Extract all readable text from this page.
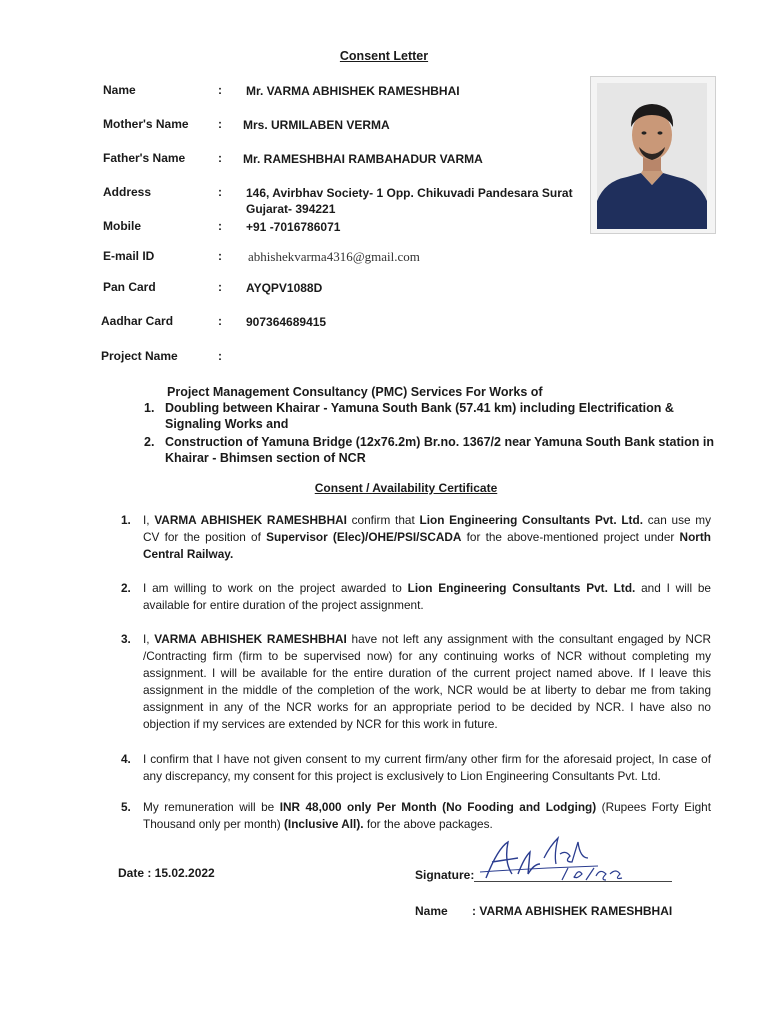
Consent Letter
Name	: Mr. VARMA ABHISHEK RAMESHBHAI
Mother's Name : Mrs. URMILABEN VERMA
Father's Name	: Mr. RAMESHBHAI RAMBAHADUR VARMA
Address	: 146, Avirbhav Society- 1 Opp. Chikuvadi Pandesara Surat
Gujarat- 394221
Mobile	: +91 -7016786071
E-mail ID	: abhishekvarma4316@gmail.com
Pan Card	: AYQPV1088D
Aadhar Card	: 907364689415
Project Name	:
Project Management Consultancy (PMC) Services For Works of
1. Doubling between Khairar - Yamuna South Bank (57.41 km) including Electrification & Signaling Works and
2. Construction of Yamuna Bridge (12x76.2m) Br.no. 1367/2 near Yamuna South Bank station in Khairar - Bhimsen section of NCR
Consent / Availability Certificate
1. I, VARMA ABHISHEK RAMESHBHAI confirm that Lion Engineering Consultants Pvt. Ltd. can use my CV for the position of Supervisor (Elec)/OHE/PSI/SCADA for the above-mentioned project under North Central Railway.
2. I am willing to work on the project awarded to Lion Engineering Consultants Pvt. Ltd. and I will be available for entire duration of the project assignment.
3. I, VARMA ABHISHEK RAMESHBHAI have not left any assignment with the consultant engaged by NCR /Contracting firm (firm to be supervised now) for any continuing works of NCR without completing my assignment. I will be available for the entire duration of the current project named above. If I leave this assignment in the middle of the completion of the work, NCR would be at liberty to debar me from taking assignment in any of the NCR works for an appropriate period to be decided by NCR. I have also no objection if my services are extended by NCR for this work in future.
4. I confirm that I have not given consent to my current firm/any other firm for the aforesaid project, In case of any discrepancy, my consent for this project is exclusively to Lion Engineering Consultants Pvt. Ltd.
5. My remuneration will be INR 48,000 only Per Month (No Fooding and Lodging) (Rupees Forty Eight Thousand only per month) (Inclusive All). for the above packages.
Date : 15.02.2022	Signature:
Name : VARMA ABHISHEK RAMESHBHAI
